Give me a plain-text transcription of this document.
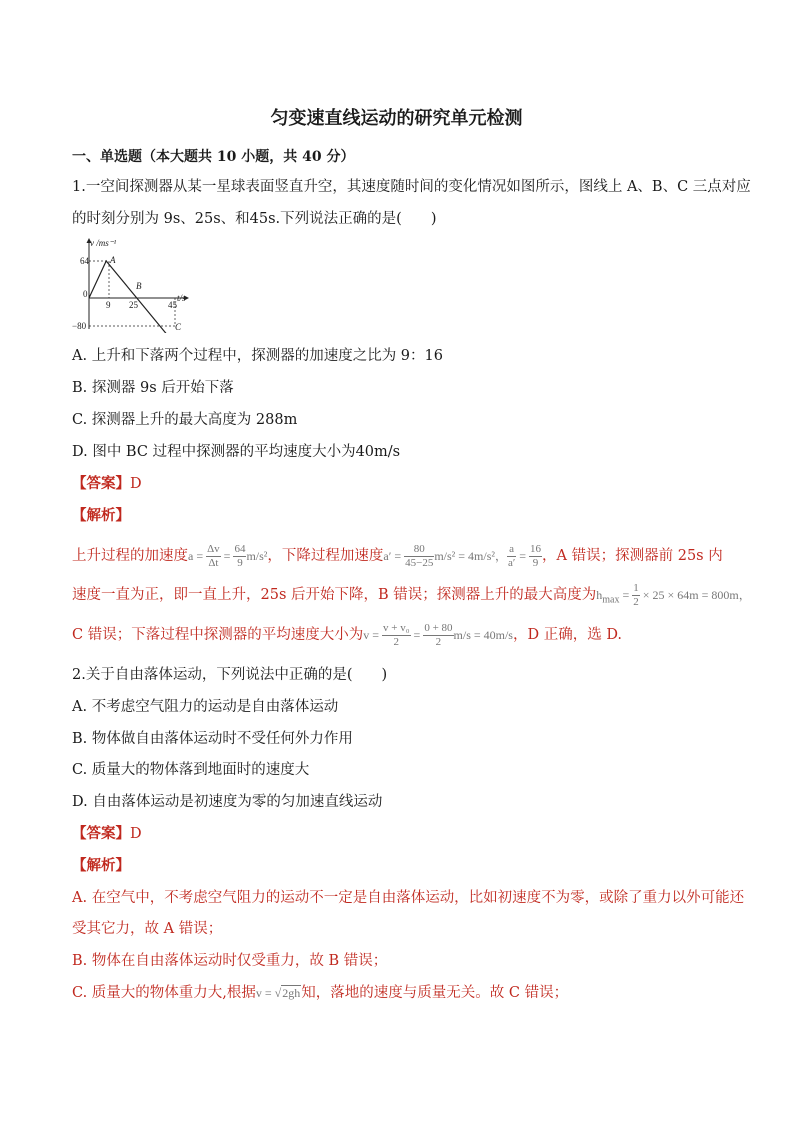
匀变速直线运动的研究单元检测
一、单选题（本大题共 10 小题，共 40 分）
1.一空间探测器从某一星球表面竖直升空，其速度随时间的变化情况如图所示，图线上 A、B、C 三点对应
的时刻分别为 9s、25s、和45s.下列说法正确的是(　　)
v /ms⁻¹
64
−80
0
9 25	45
t/s
A
B
C
A. 上升和下落两个过程中，探测器的加速度之比为 9：16
B. 探测器 9s 后开始下落
C. 探测器上升的最大高度为 288m
D. 图中 BC 过程中探测器的平均速度大小为40m/s
【答案】D
【解析】
上升过程的加速度$a = \frac{\Delta v}{\Delta t} = \frac{64}{9} m/s^2$，下降过程加速度$a' = \frac{80}{45-25} m/s^2 = 4m/s^2$， $\frac{a}{a'} = \frac{16}{9}$ ，A 错误；探测器前 25s 内
速度一直为正，即一直上升，25s 后开始下降，B 错误；探测器上升的最大高度为$h_{max} = \frac{1}{2} \times 25 \times 64m = 800m$，
C 错误；下落过程中探测器的平均速度大小为$v = \frac{\text{v + v₀}}{2} = \frac{0 + 80}{2} m/s = 40m/s$，D 正确，选 D.
2.关于自由落体运动，下列说法中正确的是(　　)
A. 不考虑空气阻力的运动是自由落体运动
B. 物体做自由落体运动时不受任何外力作用
C. 质量大的物体落到地面时的速度大
D. 自由落体运动是初速度为零的匀加速直线运动
【答案】D
【解析】
A. 在空气中，不考虑空气阻力的运动不一定是自由落体运动，比如初速度不为零，或除了重力以外可能还
受其它力，故 A 错误；
B. 物体在自由落体运动时仅受重力，故 B 错误；
C. 质量大的物体重力大,根据v = √2gh知，落地的速度与质量无关。故 C 错误；
